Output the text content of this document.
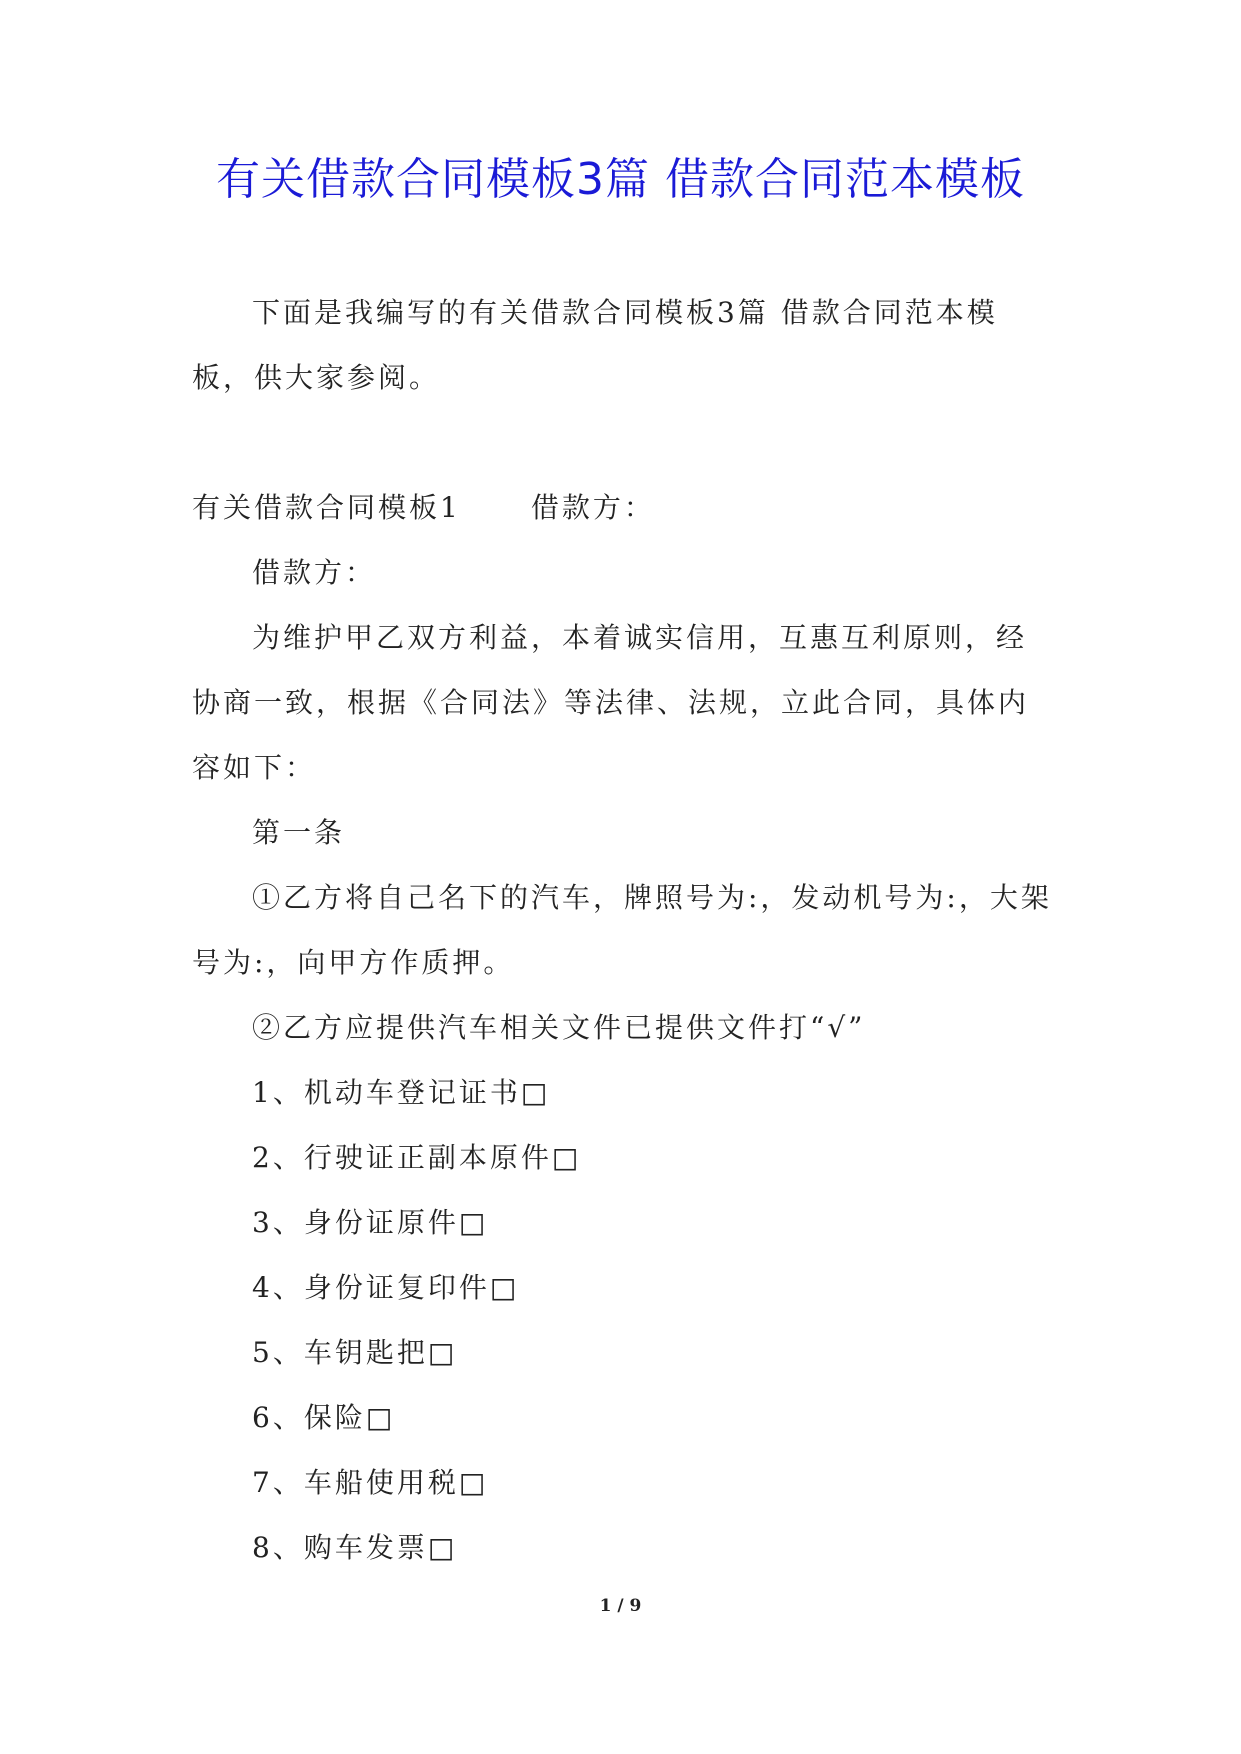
有关借款合同模板3篇 借款合同范本模板

下面是我编写的有关借款合同模板3篇 借款合同范本模板，供大家参阅。

有关借款合同模板1	借款方：

借款方：

为维护甲乙双方利益，本着诚实信用，互惠互利原则，经协商一致，根据《合同法》等法律、法规，立此合同，具体内容如下：

第一条

①乙方将自己名下的汽车，牌照号为:，发动机号为:，大架号为:，向甲方作质押。

②乙方应提供汽车相关文件已提供文件打“√”

1、机动车登记证书□

2、行驶证正副本原件□

3、身份证原件□

4、身份证复印件□

5、车钥匙把□

6、保险□

7、车船使用税□

8、购车发票□

1 / 9
